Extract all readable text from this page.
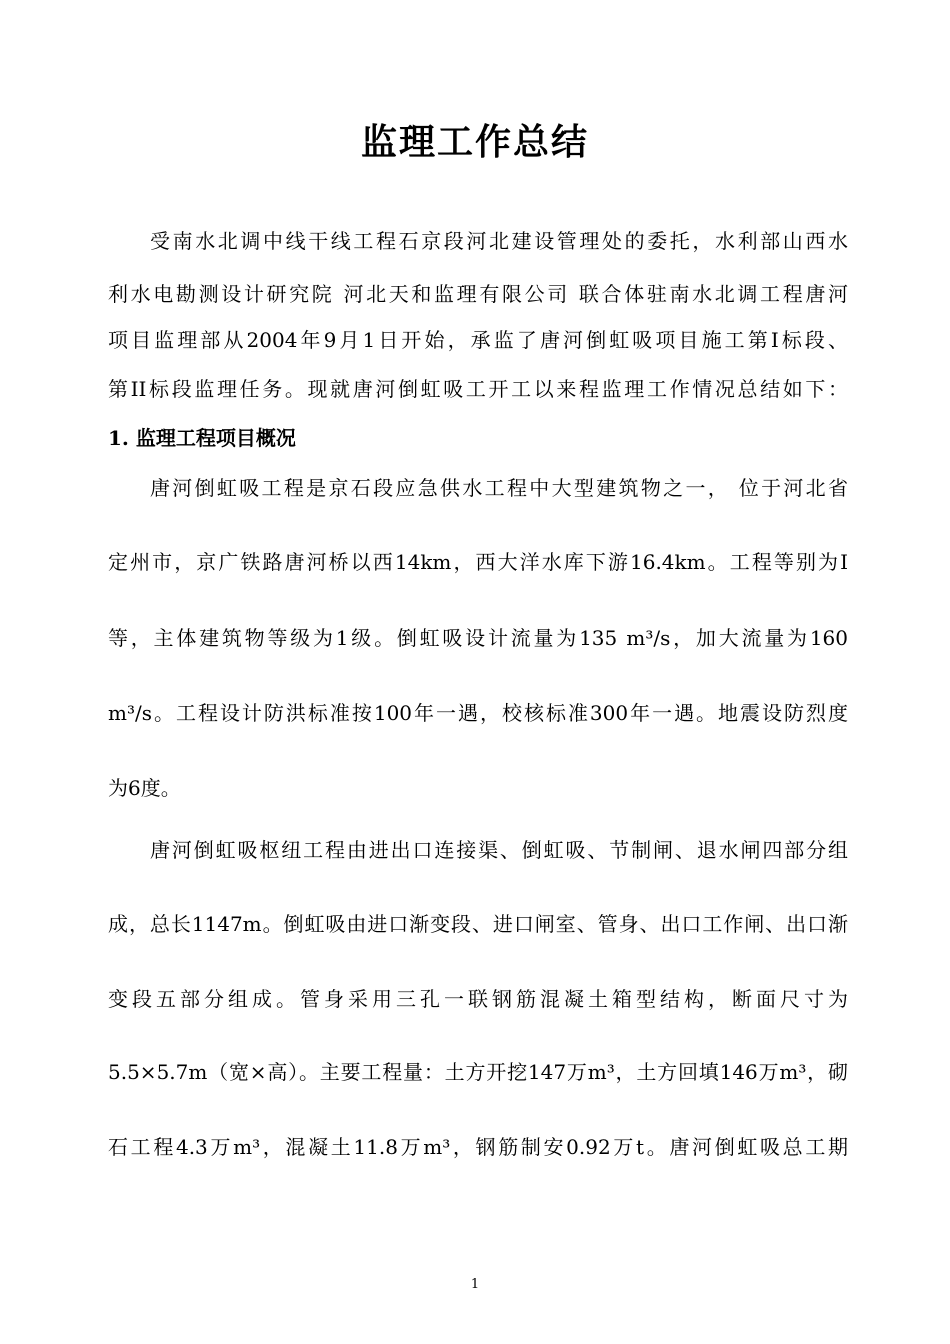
监理工作总结
受南水北调中线干线工程石京段河北建设管理处的委托，水利部山西水
利水电勘测设计研究院 河北天和监理有限公司 联合体驻南水北调工程唐河
项目监理部从2004年9月1日开始，承监了唐河倒虹吸项目施工第Ⅰ标段、
第II标段监理任务。现就唐河倒虹吸工开工以来程监理工作情况总结如下：
1. 监理工程项目概况
唐河倒虹吸工程是京石段应急供水工程中大型建筑物之一， 位于河北省
定州市，京广铁路唐河桥以西14km，西大洋水库下游16.4km。工程等别为Ⅰ
等，主体建筑物等级为1级。倒虹吸设计流量为135 m³/s，加大流量为160
m³/s。工程设计防洪标准按100年一遇，校核标准300年一遇。地震设防烈度
为6度。
唐河倒虹吸枢纽工程由进出口连接渠、倒虹吸、节制闸、退水闸四部分组
成，总长1147m。倒虹吸由进口渐变段、进口闸室、管身、出口工作闸、出口渐
变段五部分组成。管身采用三孔一联钢筋混凝土箱型结构，断面尺寸为
5.5×5.7m（宽×高）。主要工程量：土方开挖147万m³，土方回填146万m³，砌
石工程4.3万m³，混凝土11.8万m³，钢筋制安0.92万t。唐河倒虹吸总工期
1
